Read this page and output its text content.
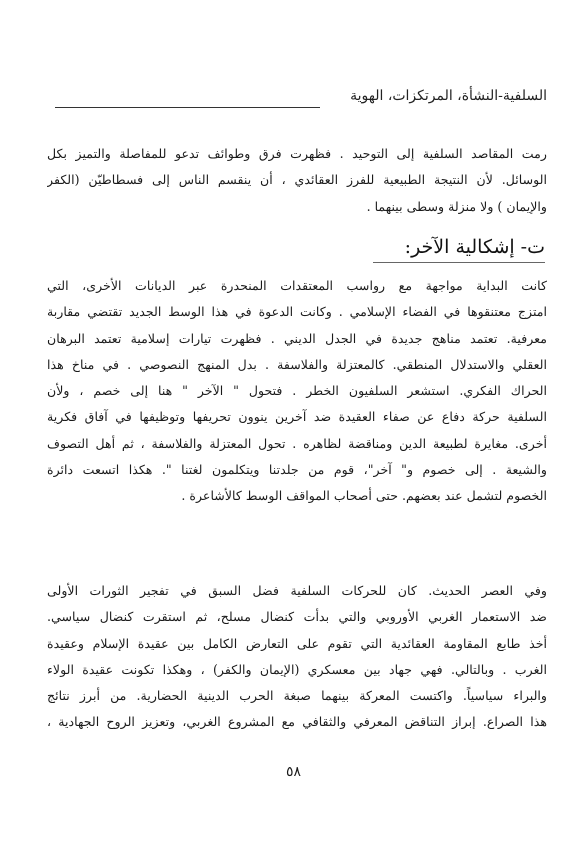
السلفية-النشأة، المرتكزات، الهوية
رمت المقاصد السلفية إلى التوحيد . فظهرت فرق وطوائف تدعو للمفاصلة والتميز بكل
الوسائل. لأن النتيجة الطبيعية للفرز العقائدي ، أن ينقسم الناس إلى فسطاطيّن (الكفر
والإيمان ) ولا منزلة وسطى بينهما .
ت- إشكالية الآخر:
كانت البداية مواجهة مع رواسب المعتقدات المنحدرة عبر الديانات الأخرى، التي
امتزج معتنقوها في الفضاء الإسلامي . وكانت الدعوة في هذا الوسط الجديد تقتضي مقاربة
معرفية. تعتمد مناهج جديدة في الجدل الديني . فظهرت تيارات إسلامية تعتمد البرهان
العقلي والاستدلال المنطقي. كالمعتزلة والفلاسفة . بدل المنهج النصوصي . في مناخ هذا
الحراك الفكري. استشعر السلفيون الخطر . فتحول " الآخر " هنا إلى خصم ، ولأن
السلفية حركة دفاع عن صفاء العقيدة ضد آخرين ينوون تحريفها وتوظيفها في آفاق فكرية
أخرى. مغايرة لطبيعة الدين ومناقضة لظاهره . تحول المعتزلة والفلاسفة ، ثم أهل التصوف
والشيعة . إلى خصوم و" آخر"، قوم من جلدتنا ويتكلمون لغتنا ". هكذا اتسعت دائرة
الخصوم لتشمل عند بعضهم. حتى أصحاب المواقف الوسط كالأشاعرة .
وفي العصر الحديث. كان للحركات السلفية فضل السبق في تفجير الثورات الأولى
ضد الاستعمار الغربي الأوروبي والتي بدأت كنضال مسلح، ثم استقرت كنضال سياسي.
أخذ طابع المقاومة العقائدية التي تقوم على التعارض الكامل بين عقيدة الإسلام وعقيدة
الغرب . وبالتالي. فهي جهاد بين معسكري (الإيمان والكفر) ، وهكذا تكونت عقيدة الولاء
والبراء سياسياً. واكتست المعركة بينهما صبغة الحرب الدينية الحضارية. من أبرز نتائج
هذا الصراع. إبراز التناقض المعرفي والثقافي مع المشروع الغربي، وتعزيز الروح الجهادية ،
٥٨
